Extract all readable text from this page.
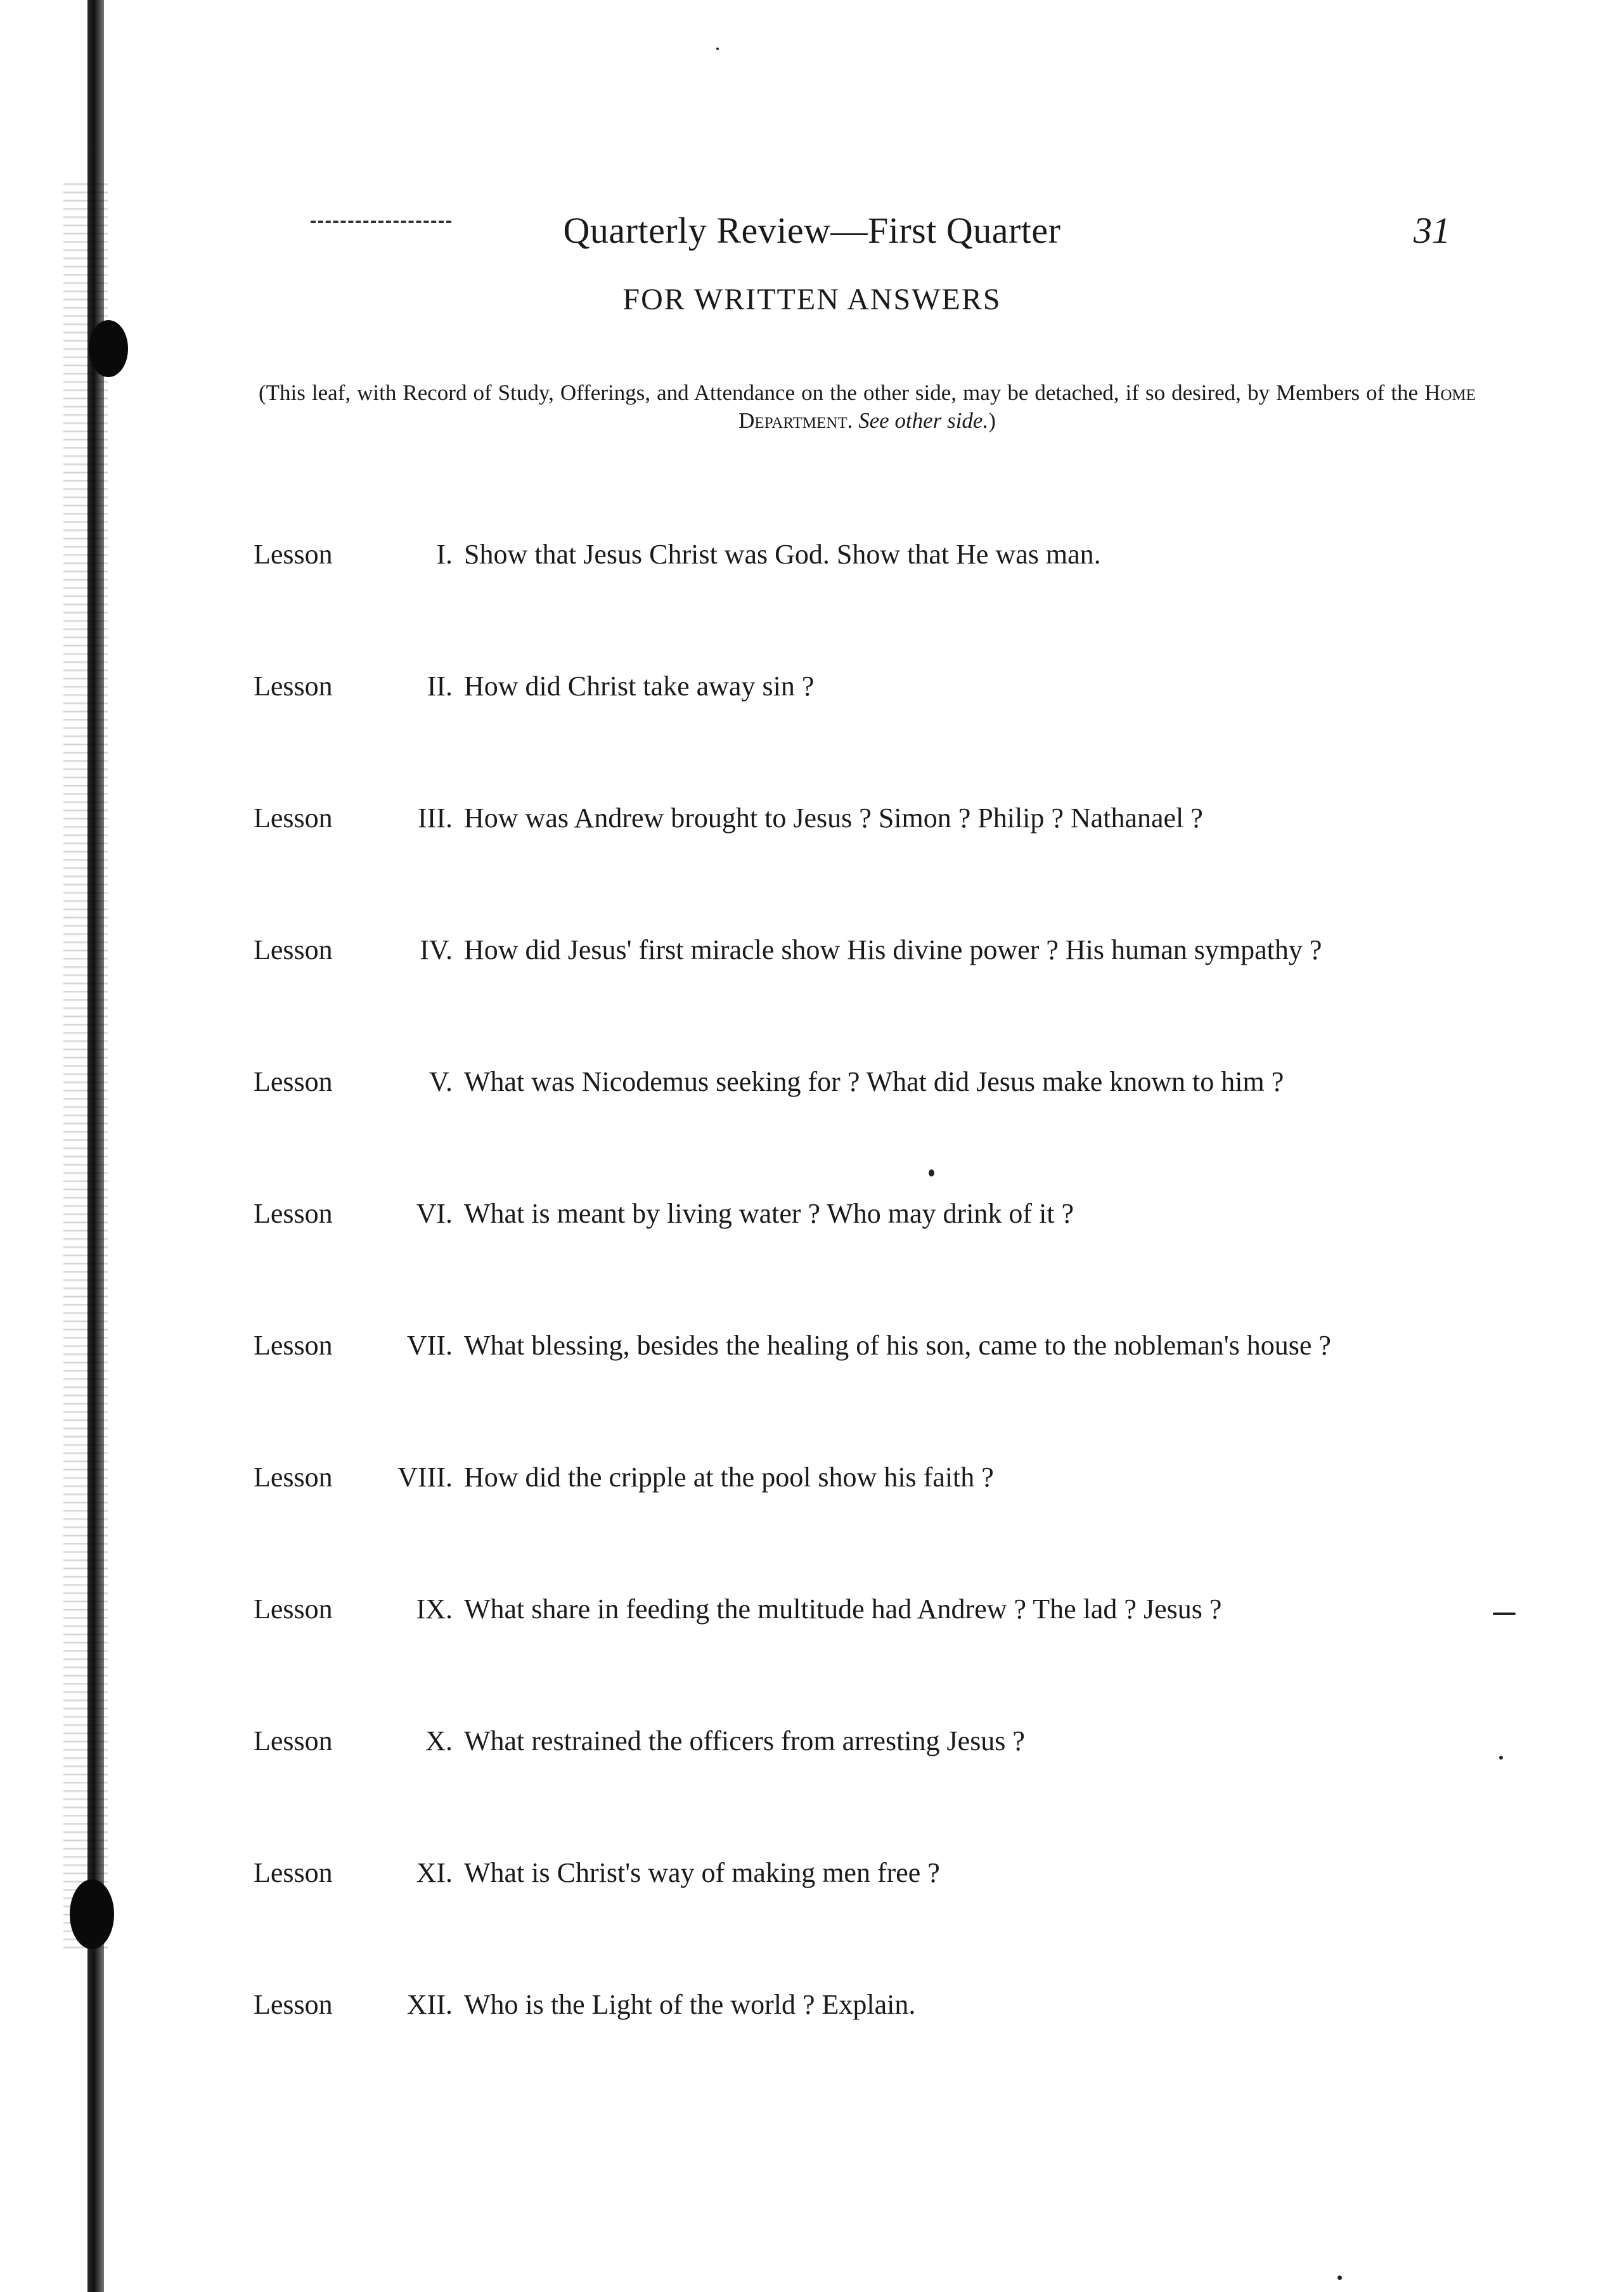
Quarterly Review—First Quarter	31
FOR WRITTEN ANSWERS
(This leaf, with Record of Study, Offerings, and Attendance on the other side, may be detached, if so desired, by Members of the Home Department. See other side.)
Lesson	I. Show that Jesus Christ was God. Show that He was man.
Lesson	II. How did Christ take away sin ?
Lesson	III. How was Andrew brought to Jesus ? Simon ? Philip ? Nathanael ?
Lesson	IV. How did Jesus' first miracle show His divine power ? His human sympathy ?
Lesson	V. What was Nicodemus seeking for ? What did Jesus make known to him ?
Lesson	VI. What is meant by living water ? Who may drink of it ?
Lesson	VII. What blessing, besides the healing of his son, came to the nobleman's house ?
Lesson VIII. How did the cripple at the pool show his faith ?
Lesson	IX. What share in feeding the multitude had Andrew ? The lad ? Jesus ?
Lesson	X. What restrained the officers from arresting Jesus ?
Lesson	XI. What is Christ's way of making men free ?
Lesson	XII. Who is the Light of the world ? Explain.
